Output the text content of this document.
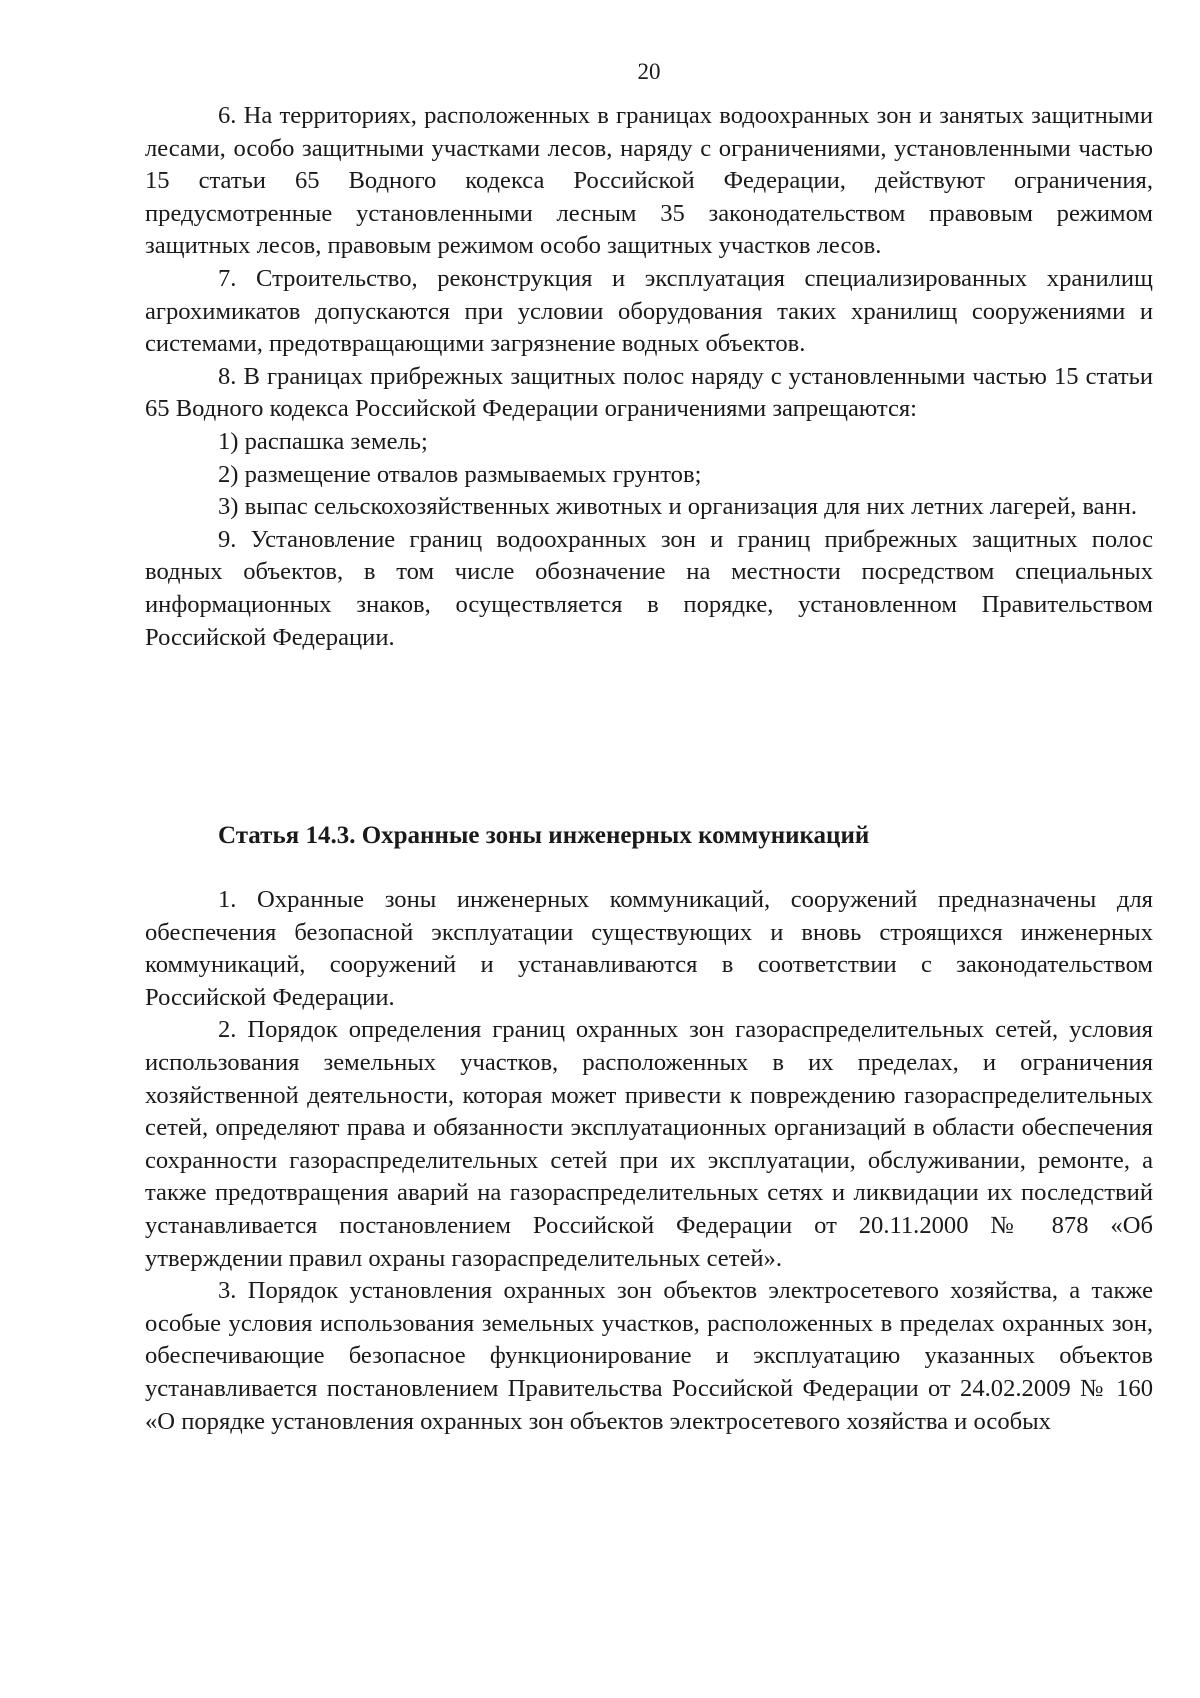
20

6. На территориях, расположенных в границах водоохранных зон и занятых защитными лесами, особо защитными участками лесов, наряду с ограничениями, установленными частью 15 статьи 65 Водного кодекса Российской Федерации, действуют ограничения, предусмотренные установленными лесным 35 законодательством правовым режимом защитных лесов, правовым режимом особо защитных участков лесов.

7. Строительство, реконструкция и эксплуатация специализированных хранилищ агрохимикатов допускаются при условии оборудования таких хранилищ сооружениями и системами, предотвращающими загрязнение водных объектов.

8. В границах прибрежных защитных полос наряду с установленными частью 15 статьи 65 Водного кодекса Российской Федерации ограничениями запрещаются:

1) распашка земель;

2) размещение отвалов размываемых грунтов;

3) выпас сельскохозяйственных животных и организация для них летних лагерей, ванн.

9. Установление границ водоохранных зон и границ прибрежных защитных полос водных объектов, в том числе обозначение на местности посредством специальных информационных знаков, осуществляется в порядке, установленном Правительством Российской Федерации.

Статья 14.3. Охранные зоны инженерных коммуникаций

1. Охранные зоны инженерных коммуникаций, сооружений предназначены для обеспечения безопасной эксплуатации существующих и вновь строящихся инженерных коммуникаций, сооружений и устанавливаются в соответствии с законодательством Российской Федерации.

2. Порядок определения границ охранных зон газораспределительных сетей, условия использования земельных участков, расположенных в их пределах, и ограничения хозяйственной деятельности, которая может привести к повреждению газораспределительных сетей, определяют права и обязанности эксплуатационных организаций в области обеспечения сохранности газораспределительных сетей при их эксплуатации, обслуживании, ремонте, а также предотвращения аварий на газораспределительных сетях и ликвидации их последствий устанавливается постановлением Российской Федерации от 20.11.2000 № 878 «Об утверждении правил охраны газораспределительных сетей».

3. Порядок установления охранных зон объектов электросетевого хозяйства, а также особые условия использования земельных участков, расположенных в пределах охранных зон, обеспечивающие безопасное функционирование и эксплуатацию указанных объектов устанавливается постановлением Правительства Российской Федерации от 24.02.2009 № 160 «О порядке установления охранных зон объектов электросетевого хозяйства и особых
